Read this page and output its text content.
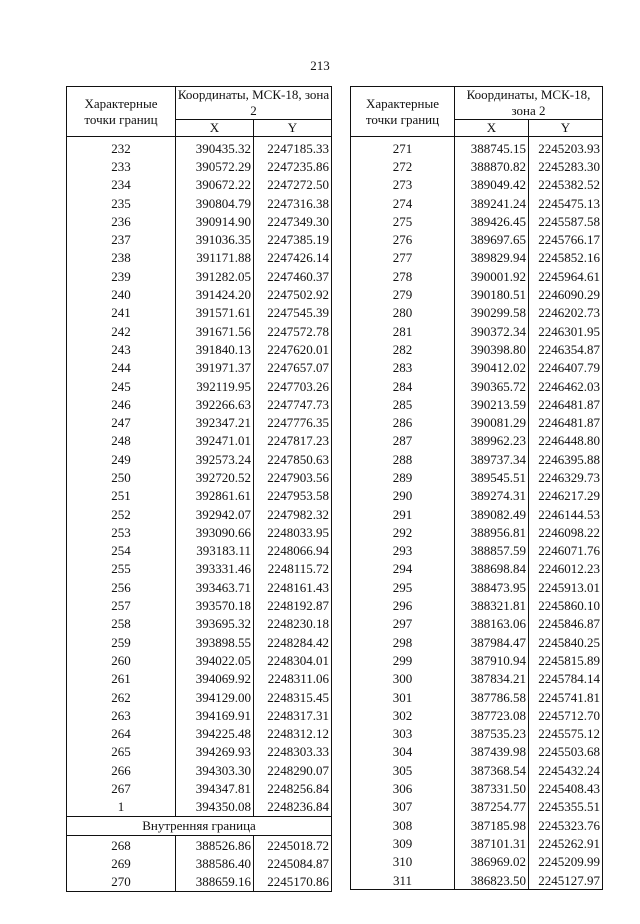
213
Характерные точки границ	Координаты, МСК-18, зона 2	
	X	Y
232	390435.32	2247185.33
233	390572.29	2247235.86
234	390672.22	2247272.50
235	390804.79	2247316.38
236	390914.90	2247349.30
237	391036.35	2247385.19
238	391171.88	2247426.14
239	391282.05	2247460.37
240	391424.20	2247502.92
241	391571.61	2247545.39
242	391671.56	2247572.78
243	391840.13	2247620.01
244	391971.37	2247657.07
245	392119.95	2247703.26
246	392266.63	2247747.73
247	392347.21	2247776.35
248	392471.01	2247817.23
249	392573.24	2247850.63
250	392720.52	2247903.56
251	392861.61	2247953.58
252	392942.07	2247982.32
253	393090.66	2248033.95
254	393183.11	2248066.94
255	393331.46	2248115.72
256	393463.71	2248161.43
257	393570.18	2248192.87
258	393695.32	2248230.18
259	393898.55	2248284.42
260	394022.05	2248304.01
261	394069.92	2248311.06
262	394129.00	2248315.45
263	394169.91	2248317.31
264	394225.48	2248312.12
265	394269.93	2248303.33
266	394303.30	2248290.07
267	394347.81	2248256.84
1	394350.08	2248236.84
Внутренняя граница		
268	388526.86	2245018.72
269	388586.40	2245084.87
270	388659.16	2245170.86
Характерные точки границ	Координаты, МСК-18, зона 2	
	X	Y
271	388745.15	2245203.93
272	388870.82	2245283.30
273	389049.42	2245382.52
274	389241.24	2245475.13
275	389426.45	2245587.58
276	389697.65	2245766.17
277	389829.94	2245852.16
278	390001.92	2245964.61
279	390180.51	2246090.29
280	390299.58	2246202.73
281	390372.34	2246301.95
282	390398.80	2246354.87
283	390412.02	2246407.79
284	390365.72	2246462.03
285	390213.59	2246481.87
286	390081.29	2246481.87
287	389962.23	2246448.80
288	389737.34	2246395.88
289	389545.51	2246329.73
290	389274.31	2246217.29
291	389082.49	2246144.53
292	388956.81	2246098.22
293	388857.59	2246071.76
294	388698.84	2246012.23
295	388473.95	2245913.01
296	388321.81	2245860.10
297	388163.06	2245846.87
298	387984.47	2245840.25
299	387910.94	2245815.89
300	387834.21	2245784.14
301	387786.58	2245741.81
302	387723.08	2245712.70
303	387535.23	2245575.12
304	387439.98	2245503.68
305	387368.54	2245432.24
306	387331.50	2245408.43
307	387254.77	2245355.51
308	387185.98	2245323.76
309	387101.31	2245262.91
310	386969.02	2245209.99
311	386823.50	2245127.97
